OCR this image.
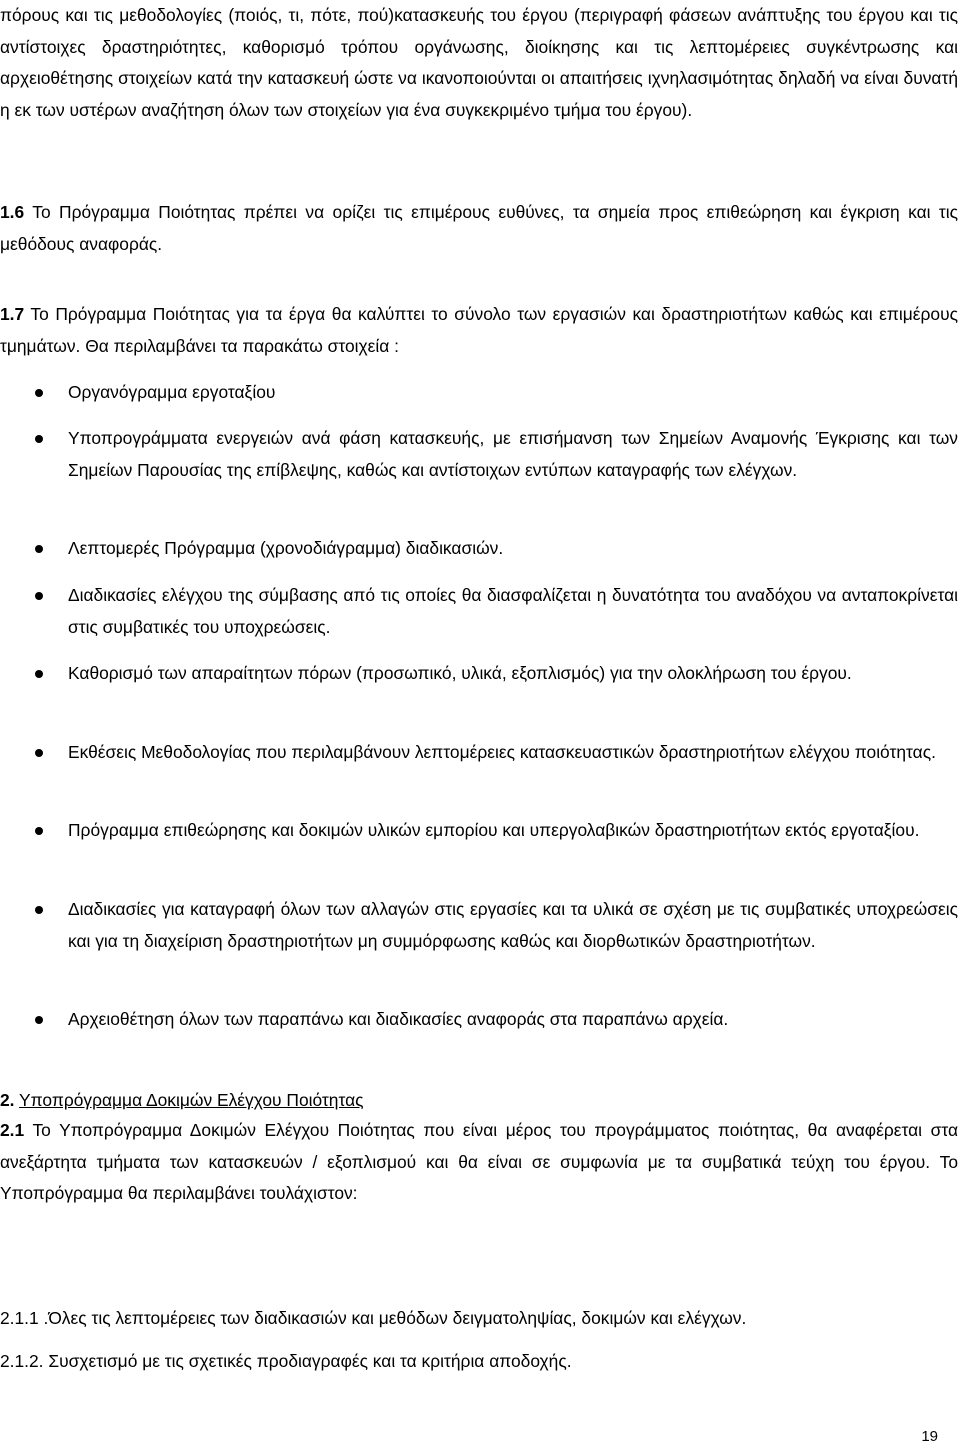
πόρους και τις μεθοδολογίες (ποιός, τι, πότε, πού)κατασκευής του έργου (περιγραφή φάσεων ανάπτυξης του έργου και τις αντίστοιχες δραστηριότητες, καθορισμό τρόπου οργάνωσης, διοίκησης και τις λεπτομέρειες συγκέντρωσης και αρχειοθέτησης στοιχείων κατά την κατασκευή ώστε να ικανοποιούνται οι απαιτήσεις ιχνηλασιμότητας δηλαδή να είναι δυνατή η εκ των υστέρων αναζήτηση όλων των στοιχείων για ένα συγκεκριμένο τμήμα του έργου).

1.6 Το Πρόγραμμα Ποιότητας πρέπει να ορίζει τις επιμέρους ευθύνες, τα σημεία προς επιθεώρηση και έγκριση και τις μεθόδους αναφοράς.

1.7 Το Πρόγραμμα Ποιότητας για τα έργα θα καλύπτει το σύνολο των εργασιών και δραστηριοτήτων καθώς και επιμέρους τμημάτων. Θα περιλαμβάνει τα παρακάτω στοιχεία :

Οργανόγραμμα εργοταξίου
Υποπρογράμματα ενεργειών ανά φάση κατασκευής, με επισήμανση των Σημείων Αναμονής Έγκρισης και των Σημείων Παρουσίας της επίβλεψης, καθώς και αντίστοιχων εντύπων καταγραφής των ελέγχων.
Λεπτομερές Πρόγραμμα (χρονοδιάγραμμα) διαδικασιών.
Διαδικασίες ελέγχου της σύμβασης από τις οποίες θα διασφαλίζεται η δυνατότητα του αναδόχου να ανταποκρίνεται στις συμβατικές του υποχρεώσεις.
Καθορισμό των απαραίτητων πόρων (προσωπικό, υλικά, εξοπλισμός) για την ολοκλήρωση του έργου.
Εκθέσεις Μεθοδολογίας που περιλαμβάνουν λεπτομέρειες κατασκευαστικών δραστηριοτήτων ελέγχου ποιότητας.
Πρόγραμμα επιθεώρησης και δοκιμών υλικών εμπορίου και υπεργολαβικών δραστηριοτήτων εκτός εργοταξίου.
Διαδικασίες για καταγραφή όλων των αλλαγών στις εργασίες και τα υλικά σε σχέση με τις συμβατικές υποχρεώσεις και για τη διαχείριση δραστηριοτήτων μη συμμόρφωσης καθώς και διορθωτικών δραστηριοτήτων.
Αρχειοθέτηση όλων των παραπάνω και διαδικασίες αναφοράς στα παραπάνω αρχεία.

2. Υποπρόγραμμα Δοκιμών Ελέγχου Ποιότητας

2.1 Το Υποπρόγραμμα Δοκιμών Ελέγχου Ποιότητας που είναι μέρος του προγράμματος ποιότητας, θα αναφέρεται στα ανεξάρτητα τμήματα των κατασκευών / εξοπλισμού και θα είναι σε συμφωνία με τα συμβατικά τεύχη του έργου. Το Υποπρόγραμμα θα περιλαμβάνει τουλάχιστον:

2.1.1 .Όλες τις λεπτομέρειες των διαδικασιών και μεθόδων δειγματοληψίας, δοκιμών και ελέγχων.

2.1.2. Συσχετισμό με τις σχετικές προδιαγραφές και τα κριτήρια αποδοχής.

19
